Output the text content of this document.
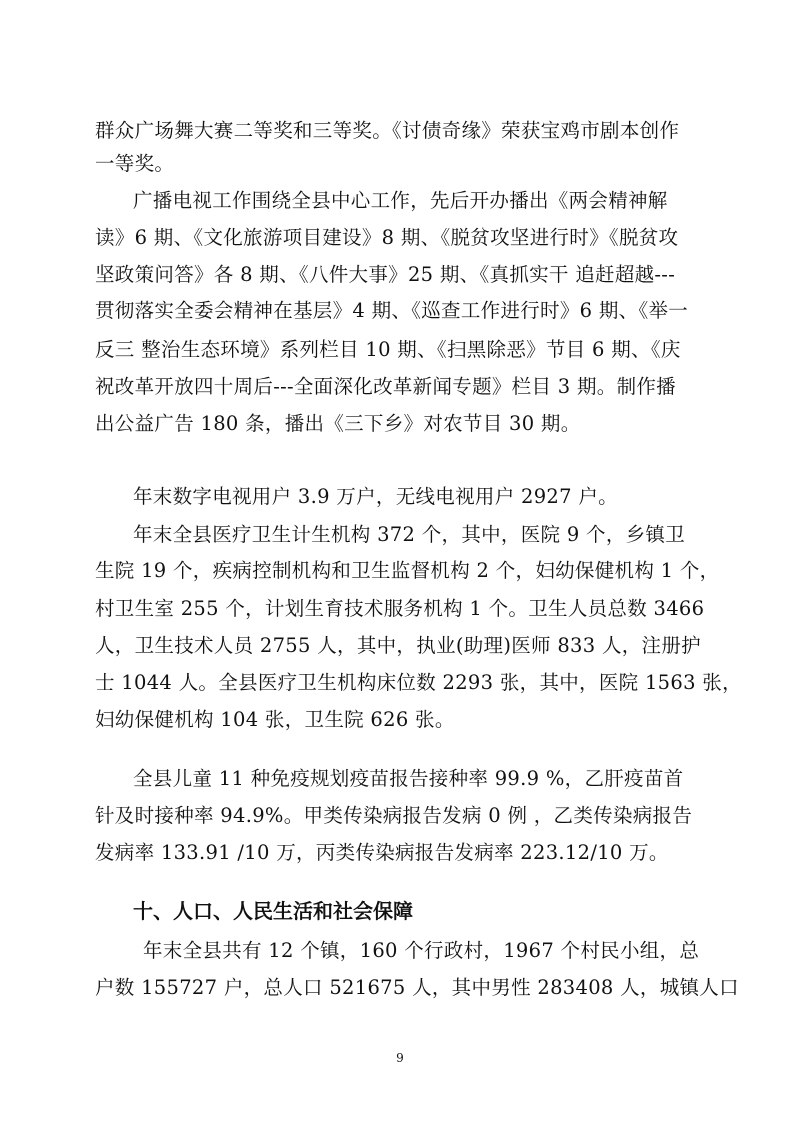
群众广场舞大赛二等奖和三等奖。《讨债奇缘》荣获宝鸡市剧本创作
一等奖。
广播电视工作围绕全县中心工作，先后开办播出《两会精神解
读》6 期、《文化旅游项目建设》8 期、《脱贫攻坚进行时》《脱贫攻
坚政策问答》各 8 期、《八件大事》25 期、《真抓实干 追赶超越---
贯彻落实全委会精神在基层》4 期、《巡查工作进行时》6 期、《举一
反三 整治生态环境》系列栏目 10 期、《扫黑除恶》节目 6 期、《庆
祝改革开放四十周后---全面深化改革新闻专题》栏目 3 期。制作播
出公益广告 180 条，播出《三下乡》对农节目 30 期。
年末数字电视用户 3.9 万户，无线电视用户 2927 户。
年末全县医疗卫生计生机构 372 个，其中，医院 9 个，乡镇卫
生院 19 个，疾病控制机构和卫生监督机构 2 个，妇幼保健机构 1 个，
村卫生室 255 个，计划生育技术服务机构 1 个。卫生人员总数 3466
人，卫生技术人员 2755 人，其中，执业(助理)医师 833 人，注册护
士 1044 人。全县医疗卫生机构床位数 2293 张，其中，医院 1563 张，
妇幼保健机构 104 张，卫生院 626 张。
全县儿童 11 种免疫规划疫苗报告接种率 99.9 %，乙肝疫苗首
针及时接种率 94.9%。甲类传染病报告发病 0 例 ，乙类传染病报告
发病率 133.91 /10 万，丙类传染病报告发病率 223.12/10 万。
十、人口、人民生活和社会保障
年末全县共有 12 个镇，160 个行政村，1967 个村民小组，总
户数 155727 户，总人口 521675 人，其中男性 283408 人，城镇人口
9
